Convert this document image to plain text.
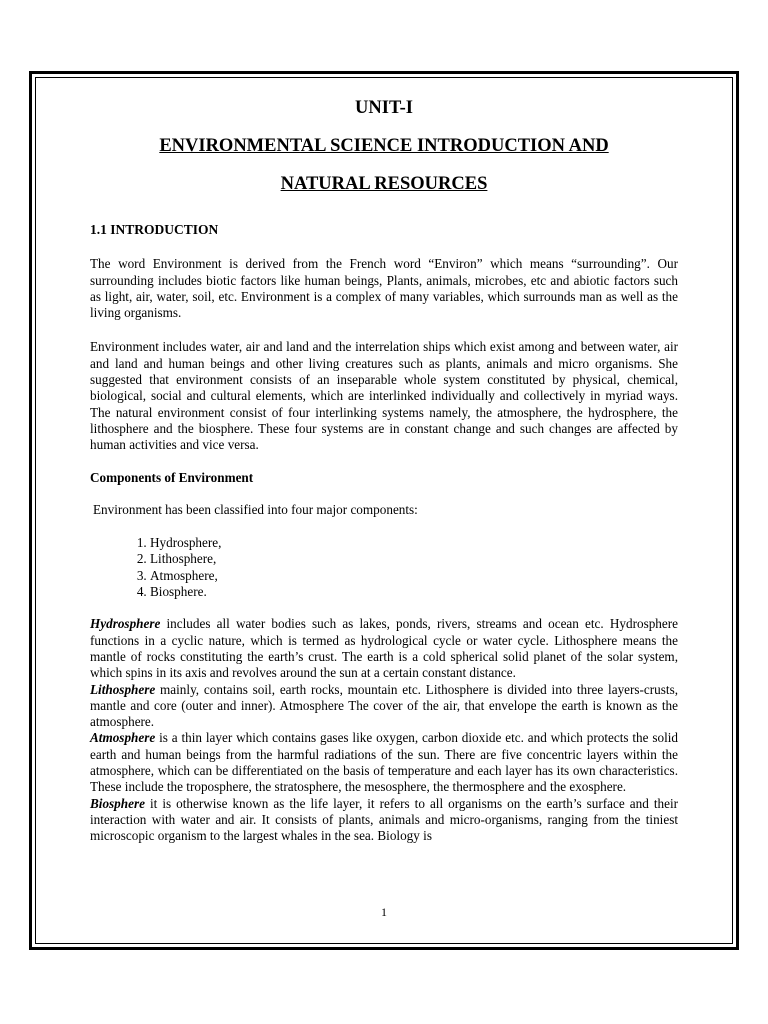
UNIT-I
ENVIRONMENTAL SCIENCE INTRODUCTION AND
NATURAL RESOURCES
1.1 INTRODUCTION

The word Environment is derived from the French word “Environ” which means “surrounding”. Our surrounding includes biotic factors like human beings, Plants, animals, microbes, etc and abiotic factors such as light, air, water, soil, etc. Environment is a complex of many variables, which surrounds man as well as the living organisms.

Environment includes water, air and land and the interrelation ships which exist among and between water, air and land and human beings and other living creatures such as plants, animals and micro organisms. She suggested that environment consists of an inseparable whole system constituted by physical, chemical, biological, social and cultural elements, which are interlinked individually and collectively in myriad ways. The natural environment consist of four interlinking systems namely, the atmosphere, the hydrosphere, the lithosphere and the biosphere. These four systems are in constant change and such changes are affected by human activities and vice versa.

Components of Environment
Environment has been classified into four major components:
1. Hydrosphere,
2. Lithosphere,
3. Atmosphere,
4. Biosphere.

Hydrosphere includes all water bodies such as lakes, ponds, rivers, streams and ocean etc. Hydrosphere functions in a cyclic nature, which is termed as hydrological cycle or water cycle. Lithosphere means the mantle of rocks constituting the earth’s crust. The earth is a cold spherical solid planet of the solar system, which spins in its axis and revolves around the sun at a certain constant distance.

Lithosphere mainly, contains soil, earth rocks, mountain etc. Lithosphere is divided into three layers-crusts, mantle and core (outer and inner). Atmosphere The cover of the air, that envelope the earth is known as the atmosphere.

Atmosphere is a thin layer which contains gases like oxygen, carbon dioxide etc. and which protects the solid earth and human beings from the harmful radiations of the sun. There are five concentric layers within the atmosphere, which can be differentiated on the basis of temperature and each layer has its own characteristics. These include the troposphere, the stratosphere, the mesosphere, the thermosphere and the exosphere.

Biosphere it is otherwise known as the life layer, it refers to all organisms on the earth’s surface and their interaction with water and air. It consists of plants, animals and micro-organisms, ranging from the tiniest microscopic organism to the largest whales in the sea. Biology is

1
